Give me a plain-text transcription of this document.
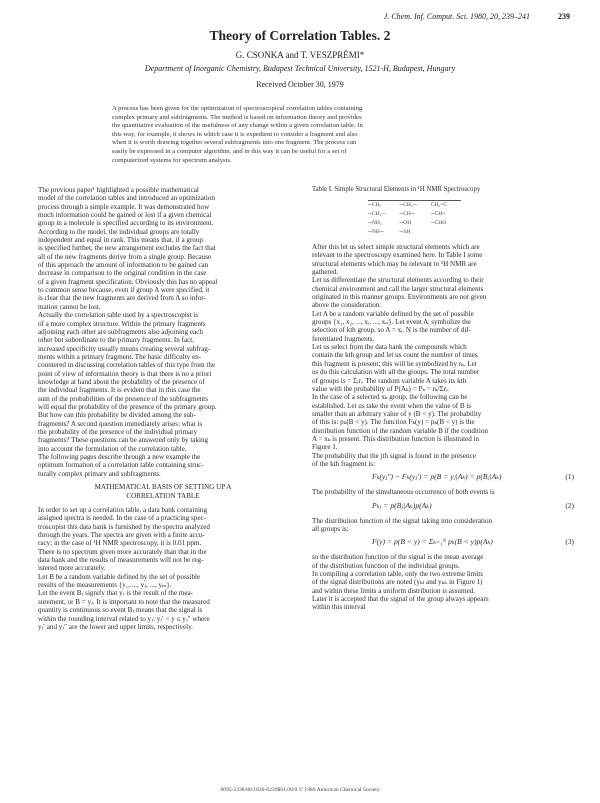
J. Chem. Inf. Comput. Sci. 1980, 20, 239–241	239
Theory of Correlation Tables. 2
G. CSONKA and T. VESZPRÉMI*
Department of Inorganic Chemistry, Budapest Technical University, 1521-H, Budapest, Hungary
Received October 30, 1979
A process has been given for the optimization of spectroscopical correlation tables containing
complex primary and subfragments. The method is based on information theory and provides
the quantitative evaluation of the usefulness of any change within a given correlation table. In
this way, for example, it shows in which case it is expedient to consider a fragment and also
when it is worth drawing together several subfragments into one fragment. The process can
easily be expressed in a computer algorithm, and in this way it can be useful for a set of
computerized systems for spectrum analysis.
The previous paper¹ highlighted a possible mathematical
model of the correlation tables and introduced an optimization
process through a simple example. It was demonstrated how
much information could be gained or lost if a given chemical
group in a molecule is specified according to its environment.
According to the model, the individual groups are totally
independent and equal in rank. This means that, if a group
is specified further, the new arrangement excludes the fact that
all of the new fragments derive from a single group. Because
of this approach the amount of information to be gained can
decrease in comparison to the original condition in the case
of a given fragment specification. Obviously this has no appeal
to common sense because, even if group A were specified, it
is clear that the new fragments are derived from A so infor-
mation cannot be lost.
Actually the correlation table used by a spectroscopist is
of a more complex structure. Within the primary fragments
adjoining each other are subfragments also adjoining each
other but subordinate to the primary fragments. In fact,
increased specificity usually means creating several subfrag-
ments within a primary fragment. The basic difficulty en-
countered in discussing correlation tables of this type from the
point of view of information theory is that there is no a priori
knowledge at hand about the probability of the presence of
the individual fragments. It is evident that in this case the
sum of the probabilities of the presence of the subfragments
will equal the probability of the presence of the primary group.
But how can this probability be divided among the sub-
fragments? A second question immediately arises: what is
the probability of the presence of the individual primary
fragments? These questions can be answered only by taking
into account the formulation of the correlation table.
The following pages describe through a new example the
optimum formation of a correlation table containing struc-
turally complex primary and subfragments.
MATHEMATICAL BASIS OF SETTING UP A
CORRELATION TABLE
In order to set up a correlation table, a data bank containing
assigned spectra is needed. In the case of a practicing spec-
troscopist this data bank is furnished by the spectra analyzed
through the years. The spectra are given with a finite accu-
racy; in the case of ¹H NMR spectroscopy, it is 0.01 ppm.
There is no spectrum given more accurately than that in the
data bank and the results of measurements will not be reg-
istered more accurately.
Let B be a random variable defined by the set of possible
results of the measurements {y₁, ..., yⱼ, ..., yₘ}.
Let the event Bⱼ signify that yⱼ is the result of the mea-
surement, or B = yⱼ. It is important to note that the measured
quantity is continuous so event Bⱼ means that the signal is
within the rounding interval related to yⱼ: yⱼ′ < y ≤ yⱼ″ where
yⱼ′ and yⱼ″ are the lower and upper limits, respectively.
Table I. Simple Structural Elements in ¹H NMR Spectroscopy
─CH₃	─CH₂─	CH₂=C
─CH₂─	─CH─	─CH=
─NH₂	─OH	─CHO
─NH─	─SH	
After this let us select simple structural elements which are
relevant to the spectroscopy examined here. In Table I some
structural elements which may be relevant to ¹H NMR are
gathered.
Let us differentiate the structural elements according to their
chemical environment and call the larger structural elements
originated in this manner groups. Environments are not given
above the consideration.
Let A be a random variable defined by the set of possible
groups {x₁, x₂, ..., xᵢ, ..., xₙ}. Let event Aᵢ symbolize the
selection of kth group, so A = xᵢ. N is the number of dif-
ferentiated fragments.
Let us select from the data bank the compounds which
contain the kth group and let us count the number of times
this fragment is present; this will be symbolized by rₖ. Let
us do this calculation with all the groups. The total number
of groups is = Σᵢrᵢ. The random variable A takes its kth
value with the probability of P(Aₖ) = Pₖ = rₖ/Σrᵢ.
In the case of a selected xₖ group, the following can be
established. Let us take the event when the value of B is
smaller than an arbitrary value of y (B < y). The probability
of this is: pₖ(B < y). The function Fₖ(y) = pₖ(B < y) is the
distribution function of the random variable B if the condition
A = xₖ is present. This distribution function is illustrated in
Figure 1.
The probability that the jth signal is found in the presence
of the kth fragment is:
Fₖ(yⱼ″) − Fₖ(yⱼ′) = p(B = yⱼ|Aₖ) = p(Bⱼ|Aₖ)	(1)
The probability of the simultaneous occurrence of both events is
Pₖⱼ = p(Bⱼ|Aₖ)p(Aₖ)	(2)
The distribution function of the signal taking into consideration
all groups is:
F(y) = p(B < y) = Σₖ₌₁ᴺ pₖ(B < y)p(Aₖ)	(3)
so the distribution function of the signal is the mean average
of the distribution function of the individual groups.
In compiling a correlation table, only the two extreme limits
of the signal distributions are noted (yₖₗ and yₖₕ in Figure 1)
and within these limits a uniform distribution is assumed.
Later it is accepted that the signal of the group always appears
within this interval
0095-2338/80/1620-0239$01.00/0 © 1980 American Chemical Society
